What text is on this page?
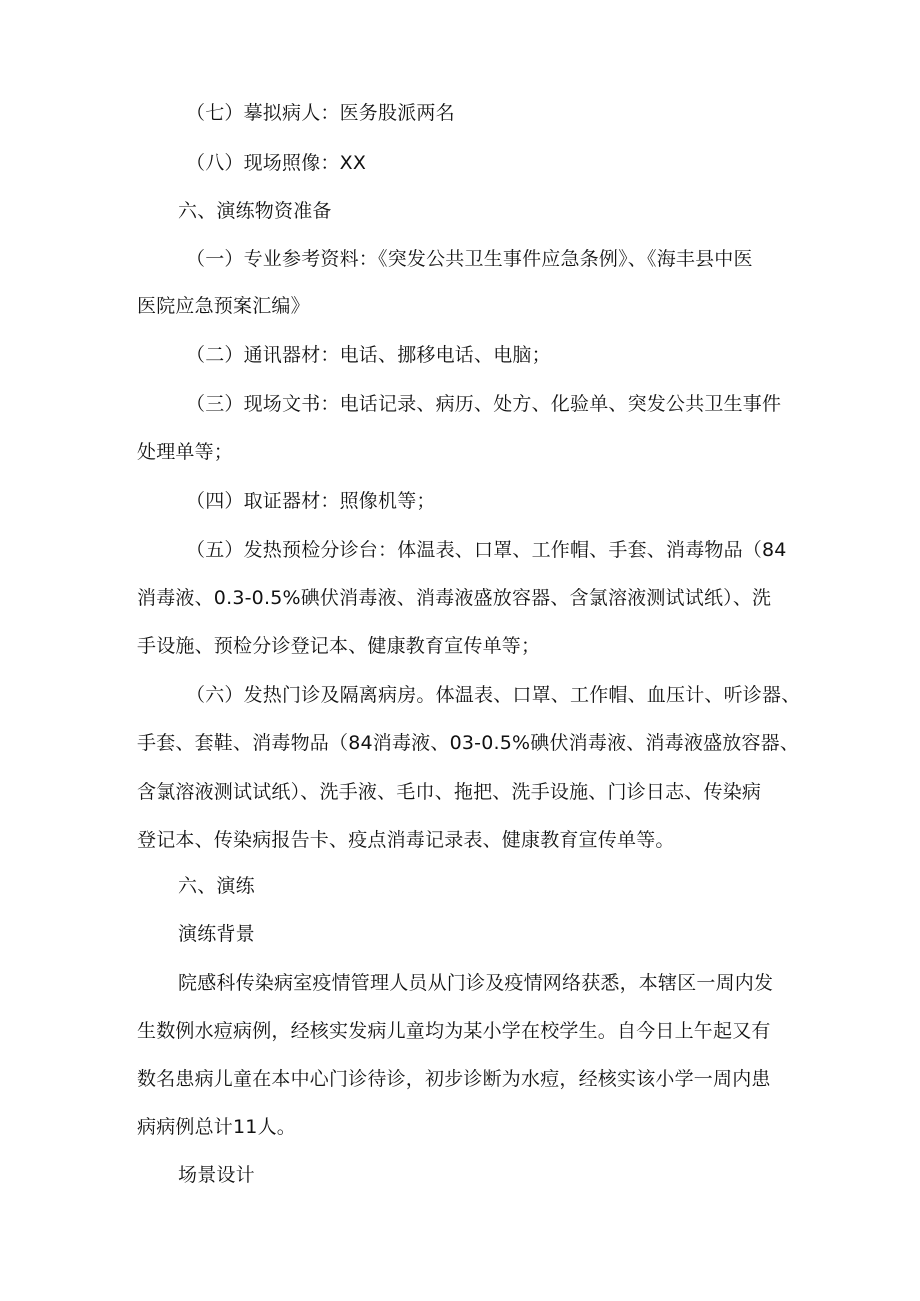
（七）摹拟病人：医务股派两名
（八）现场照像：XX
六、演练物资准备
（一）专业参考资料：《突发公共卫生事件应急条例》、《海丰县中医
医院应急预案汇编》
（二）通讯器材：电话、挪移电话、电脑；
（三）现场文书：电话记录、病历、处方、化验单、突发公共卫生事件
处理单等；
（四）取证器材：照像机等；
（五）发热预检分诊台：体温表、口罩、工作帽、手套、消毒物品（84
消毒液、0.3-0.5%碘伏消毒液、消毒液盛放容器、含氯溶液测试试纸）、洗
手设施、预检分诊登记本、健康教育宣传单等；
（六）发热门诊及隔离病房。体温表、口罩、工作帽、血压计、听诊器、
手套、套鞋、消毒物品（84消毒液、03-0.5%碘伏消毒液、消毒液盛放容器、
含氯溶液测试试纸）、洗手液、毛巾、拖把、洗手设施、门诊日志、传染病
登记本、传染病报告卡、疫点消毒记录表、健康教育宣传单等。
六、演练
演练背景
院感科传染病室疫情管理人员从门诊及疫情网络获悉，本辖区一周内发
生数例水痘病例，经核实发病儿童均为某小学在校学生。自今日上午起又有
数名患病儿童在本中心门诊待诊，初步诊断为水痘，经核实该小学一周内患
病病例总计11人。
场景设计
